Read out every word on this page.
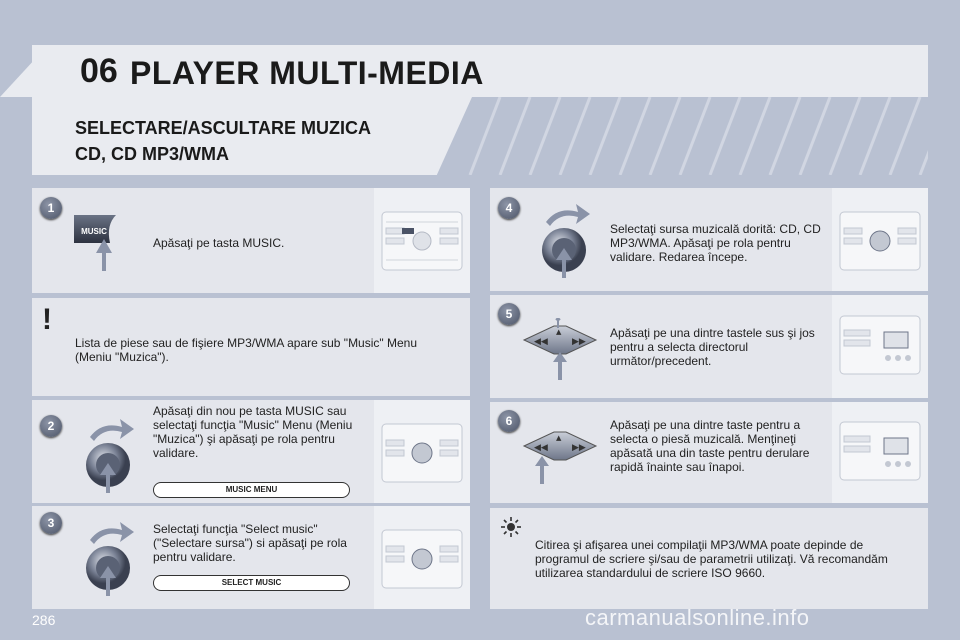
06 PLAYER MULTI-MEDIA
SELECTARE/ASCULTARE MUZICA
CD, CD MP3/WMA
1
MUSIC
Apăsaţi pe tasta MUSIC.
!
Lista de piese sau de fişiere MP3/WMA apare sub "Music" Menu (Meniu "Muzica").
2
Apăsaţi din nou pe tasta MUSIC sau selectaţi funcţia "Music" Menu (Meniu "Muzica") şi apăsaţi pe rola pentru validare.
MUSIC MENU
3	Selectaţi funcţia "Select music" ("Selectare sursa") si apăsaţi pe rola pentru validare.
SELECT MUSIC
4
Selectaţi sursa muzicală dorită: CD, CD MP3/WMA. Apăsaţi pe rola pentru validare. Redarea începe.
5
◀◀	▶▶
▲	Apăsaţi pe una dintre tastele sus şi jos pentru a selecta directorul următor/precedent.
6
◀◀	▶▶
▲
Apăsaţi pe una dintre taste pentru a selecta o piesă muzicală. Menţineţi apăsată una din taste pentru derulare rapidă înainte sau înapoi.
Citirea şi afişarea unei compilaţii MP3/WMA poate depinde de programul de scriere şi/sau de parametrii utilizaţi. Vă recomandăm utilizarea standardului de scriere ISO 9660.
286	carmanualsonline.info
